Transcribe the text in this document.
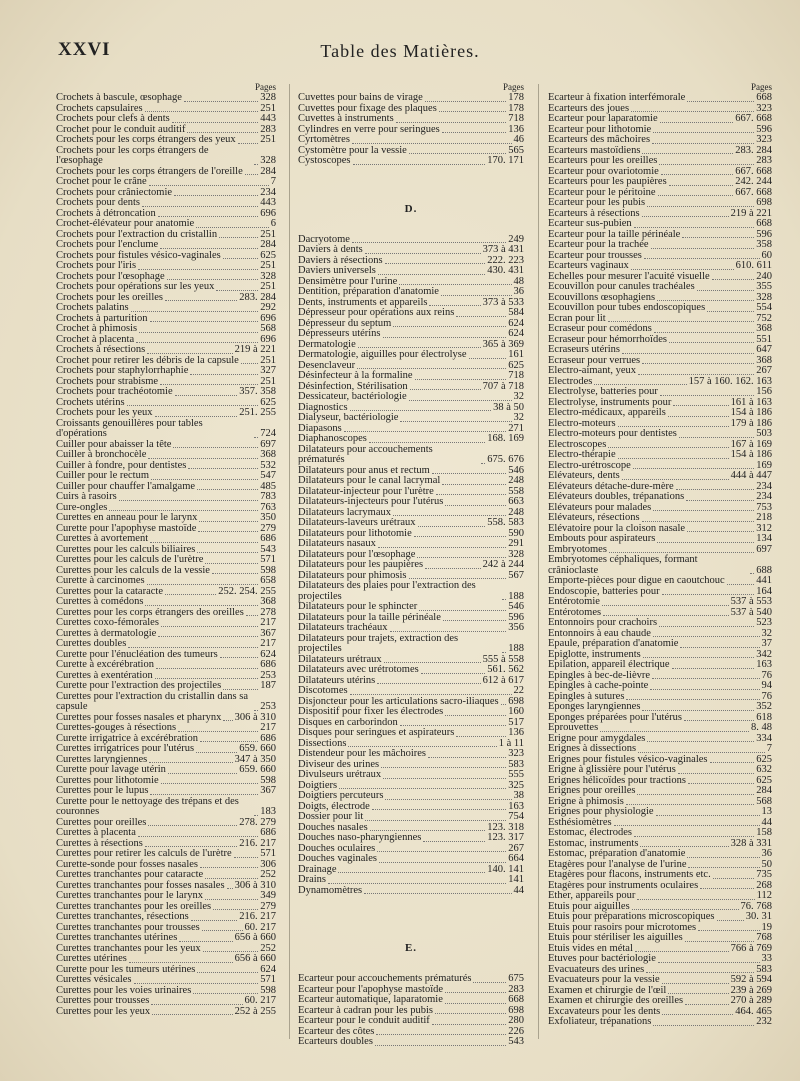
XXVI	Table des Matières.
Pages
Crochets à bascule, œsophage	328
Crochets capsulaires	251
Crochets pour clefs à dents	443
Crochet pour le conduit auditif	283
Crochets pour les corps étrangers des yeux 251
Crochets pour les corps étrangers de l'œsophage	328
Crochets pour les corps étrangers de l'oreille 284
Crochet pour le crâne	7
Crochets pour crâniectomie	234
Crochets pour dents	443
Crochets à détroncation	696
Crochet-élévateur pour anatomie	6
Crochets pour l'extraction du cristallin	251
Crochets pour l'enclume	284
Crochets pour fistules vésico-vaginales	625
Crochets pour l'iris	251
Crochets pour l'œsophage	328
Crochets pour opérations sur les yeux	251
Crochets pour les oreilles	283. 284
Crochets palatins	292
Crochets à parturition	696
Crochet à phimosis	568
Crochet à placenta	696
Crochets à résections	219 à 221
Crochet pour retirer les débris de la capsule 251
Crochets pour staphylorrhaphie	327
Crochets pour strabisme	251
Crochets pour trachéotomie	357. 358
Crochets utérins	625
Crochets pour les yeux	251. 255
Croissants genouillères pour tables d'opérations	724
Cuiller pour abaisser la tête	697
Cuiller à bronchocèle	368
Cuiller à fondre, pour dentistes	532
Cuiller pour le rectum	547
Cuiller pour chauffer l'amalgame	485
Cuirs à rasoirs	783
Cure-ongles	763
Curettes en anneau pour le larynx	350
Curette pour l'apophyse mastoïde	279
Curettes à avortement	686
Curettes pour les calculs biliaires	543
Curettes pour les calculs de l'urètre	571
Curettes pour les calculs de la vessie	598
Curette à carcinomes	658
Curettes pour la cataracte	252. 254. 255
Curettes à comédons	368
Curettes pour les corps étrangers des oreilles 278
Curettes coxo-fémorales	217
Curettes à dermatologie	367
Curettes doubles	217
Curette pour l'énucléation des tumeurs	624
Curette à excérébration	686
Curettes à exentération	253
Curette pour l'extraction des projectiles	187
Curettes pour l'extraction du cristallin dans sa capsule	253
Curettes pour fosses nasales et pharynx 306 à 310
Curettes-gouges à résections	217
Curette irrigatrice à excérébration	686
Curettes irrigatrices pour l'utérus	659. 660
Curettes laryngiennes	347 à 350
Curette pour lavage utérin	659. 660
Curettes pour lithotomie	598
Curettes pour le lupus	367
Curette pour le nettoyage des trépans et des couronnes	183
Curettes pour oreilles	278. 279
Curettes à placenta	686
Curettes à résections	216. 217
Curettes pour retirer les calculs de l'urètre	571
Curette-sonde pour fosses nasales	306
Curettes tranchantes pour cataracte	252
Curettes tranchantes pour fosses nasales 306 à 310
Curettes tranchantes pour le larynx	349
Curettes tranchantes pour les oreilles	279
Curettes tranchantes, résections	216. 217
Curettes tranchantes pour trousses	60. 217
Curettes tranchantes utérines	656 à 660
Curettes tranchantes pour les yeux	252
Curettes utérines	656 à 660
Curette pour les tumeurs utérines	624
Curettes vésicales	571
Curettes pour les voies urinaires	598
Curettes pour trousses	60. 217
Curettes pour les yeux	252 à 255
Pages
Cuvettes pour bains de virage	178
Cuvettes pour fixage des plaques	178
Cuvettes à instruments	718
Cylindres en verre pour seringues	136
Cyrtomètres	46
Cystomètre pour la vessie	565
Cystoscopes	170. 171
D.
Dacryotome	249
Daviers à dents	373 à 431
Daviers à résections	222. 223
Daviers universels	430. 431
Densimètre pour l'urine	48
Dentition, préparation d'anatomie	36
Dents, instruments et appareils	373 à 533
Dépresseur pour opérations aux reins	584
Dépresseur du septum	624
Dépresseurs utérins	624
Dermatologie	365 à 369
Dermatologie, aiguilles pour électrolyse	161
Desenclaveur	625
Désinfecteur à la formaline	718
Désinfection, Stérilisation	707 à 718
Dessicateur, bactériologie	32
Diagnostics	38 à 50
Dialyseur, bactériologie	32
Diapasons	271
Diaphanoscopes	168. 169
Dilatateurs pour accouchements prématurés	675. 676
Dilatateurs pour anus et rectum	546
Dilatateurs pour le canal lacrymal	248
Dilatateur-injecteur pour l'urètre	558
Dilatateurs-injecteurs pour l'utérus	663
Dilatateurs lacrymaux	248
Dilatateurs-laveurs urétraux	558. 583
Dilatateurs pour lithotomie	590
Dilatateurs nasaux	291
Dilatateurs pour l'œsophage	328
Dilatateurs pour les paupières	242 à 244
Dilatateurs pour phimosis	567
Dilatateurs des plaies pour l'extraction des projectiles	188
Dilatateurs pour le sphincter	546
Dilatateurs pour la taille périnéale	596
Dilatateurs trachéaux	356
Dilatateurs pour trajets, extraction des projectiles	188
Dilatateurs urétraux	555 à 558
Dilatateurs avec urétrotomes	561. 562
Dilatateurs utérins	612 à 617
Discotomes	22
Disjoncteur pour les articulations sacro-iliaques 698
Dispositif pour fixer les électrodes	160
Disques en carborindon	517
Disques pour seringues et aspirateurs	136
Dissections	1 à 11
Distendeur pour les mâchoires	323
Diviseur des urines	583
Divulseurs urétraux	555
Doigtiers	325
Doigtiers percuteurs	38
Doigts, électrode	163
Dossier pour lit	754
Douches nasales	123. 318
Douches naso-pharyngiennes	123. 317
Douches oculaires	267
Douches vaginales	664
Drainage	140. 141
Drains	141
Dynamomètres	44
E.
Ecarteur pour accouchements prématurés	675
Ecarteur pour l'apophyse mastoïde	283
Ecarteur automatique, laparatomie	668
Ecarteur à cadran pour les pubis	698
Ecarteur pour le conduit auditif	280
Ecarteur des côtes	226
Ecarteurs doubles	543
Pages
Ecarteur à fixation interfémorale	668
Ecarteurs des joues	323
Ecarteur pour laparatomie	667. 668
Ecarteur pour lithotomie	596
Ecarteurs des mâchoires	323
Ecarteurs mastoïdiens	283. 284
Ecarteurs pour les oreilles	283
Ecarteur pour ovariotomie	667. 668
Ecarteurs pour les paupières	242. 244
Ecarteur pour le péritoine	667. 668
Ecarteur pour les pubis	698
Ecarteurs à résections	219 à 221
Ecarteur sus-pubien	668
Ecarteur pour la taille périnéale	596
Ecarteur pour la trachée	358
Ecarteur pour trousses	60
Ecarteurs vaginaux	610. 611
Echelles pour mesurer l'acuité visuelle	240
Ecouvillon pour canules trachéales	355
Ecouvillons œsophagiens	328
Ecouvillon pour tubes endoscopiques	554
Ecran pour lit	752
Ecraseur pour comédons	368
Ecraseur pour hémorrhoïdes	551
Ecraseurs utérins	647
Ecraseur pour verrues	368
Electro-aimant, yeux	267
Electrodes	157 à 160. 162. 163
Electrolyse, batteries pour	156
Electrolyse, instruments pour	161 à 163
Electro-médicaux, appareils	154 à 186
Electro-moteurs	179 à 186
Electro-moteurs pour dentistes	503
Electroscopes	167 à 169
Electro-thérapie	154 à 186
Electro-urétroscope	169
Elévateurs, dents	444 à 447
Elévateurs détache-dure-mère	234
Elévateurs doubles, trépanations	234
Elévateurs pour malades	753
Elévateurs, résections	218
Elévatoire pour la cloison nasale	312
Embouts pour aspirateurs	134
Embryotomes	697
Embryotomes céphaliques, formant crânioclaste	688
Emporte-pièces pour digue en caoutchouc	441
Endoscopie, batteries pour	164
Entérotomie	537 à 553
Entérotomes	537 à 540
Entonnoirs pour crachoirs	523
Entonnoirs à eau chaude	32
Epaule, préparation d'anatomie	37
Epiglotte, instruments	342
Epilation, appareil électrique	163
Epingles à bec-de-lièvre	76
Epingles à cache-pointe	94
Epingles à sutures	76
Eponges laryngiennes	352
Eponges préparées pour l'utérus	618
Eprouvettes	8. 48
Erigne pour amygdales	334
Erignes à dissections	7
Erignes pour fistules vésico-vaginales	625
Erigne à glissière pour l'utérus	632
Erignes hélicoïdes pour tractions	625
Erignes pour oreilles	284
Erigne à phimosis	568
Erignes pour physiologie	13
Esthésiomètres	44
Estomac, électrodes	158
Estomac, instruments	328 à 331
Estomac, préparation d'anatomie	36
Etagères pour l'analyse de l'urine	50
Etagères pour flacons, instruments etc.	735
Etagères pour instruments oculaires	268
Ether, appareils pour	112
Etuis pour aiguilles	76. 768
Etuis pour préparations microscopiques	30. 31
Etuis pour rasoirs pour microtomes	19
Etuis pour stériliser les aiguilles	768
Etuis vides en métal	766 à 769
Etuves pour bactériologie	33
Evacuateurs des urines	583
Evacuateurs pour la vessie	592 à 594
Examen et chirurgie de l'œil	239 à 269
Examen et chirurgie des oreilles	270 à 289
Excavateurs pour les dents	464. 465
Exfoliateur, trépanations	232
